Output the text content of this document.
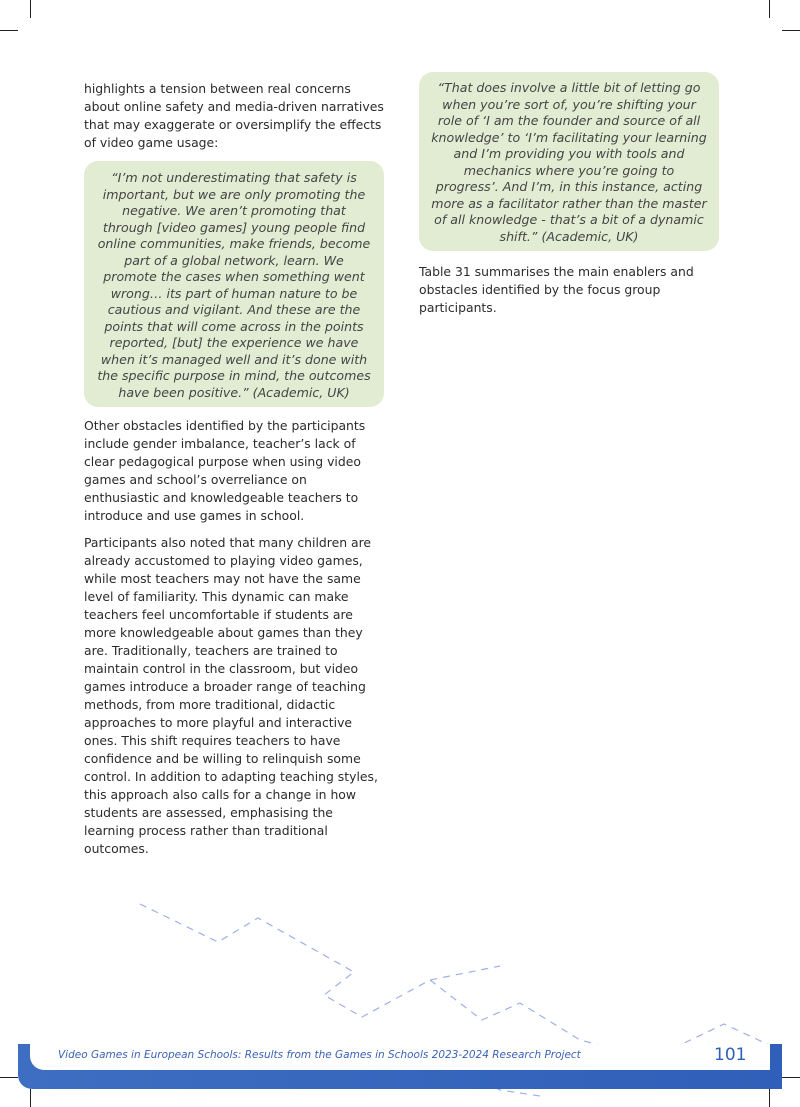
highlights a tension between real concerns about online safety and media-driven narratives that may exaggerate or oversimplify the effects of video game usage:

“I’m not underestimating that safety is important, but we are only promoting the negative. We aren’t promoting that through [video games] young people find online communities, make friends, become part of a global network, learn. We promote the cases when something went wrong… its part of human nature to be cautious and vigilant. And these are the points that will come across in the points reported, [but] the experience we have when it’s managed well and it’s done with the specific purpose in mind, the outcomes have been positive.” (Academic, UK)

Other obstacles identified by the participants include gender imbalance, teacher’s lack of clear pedagogical purpose when using video games and school’s overreliance on enthusiastic and knowledgeable teachers to introduce and use games in school.

Participants also noted that many children are already accustomed to playing video games, while most teachers may not have the same level of familiarity. This dynamic can make teachers feel uncomfortable if students are more knowledgeable about games than they are. Traditionally, teachers are trained to maintain control in the classroom, but video games introduce a broader range of teaching methods, from more traditional, didactic approaches to more playful and interactive ones. This shift requires teachers to have confidence and be willing to relinquish some control. In addition to adapting teaching styles, this approach also calls for a change in how students are assessed, emphasising the learning process rather than traditional outcomes.

“That does involve a little bit of letting go when you’re sort of, you’re shifting your role of ‘I am the founder and source of all knowledge’ to ‘I’m facilitating your learning and I’m providing you with tools and mechanics where you’re going to progress’. And I’m, in this instance, acting more as a facilitator rather than the master of all knowledge - that’s a bit of a dynamic shift.” (Academic, UK)

Table 31 summarises the main enablers and obstacles identified by the focus group participants.

Video Games in European Schools: Results from the Games in Schools 2023-2024 Research Project	101
